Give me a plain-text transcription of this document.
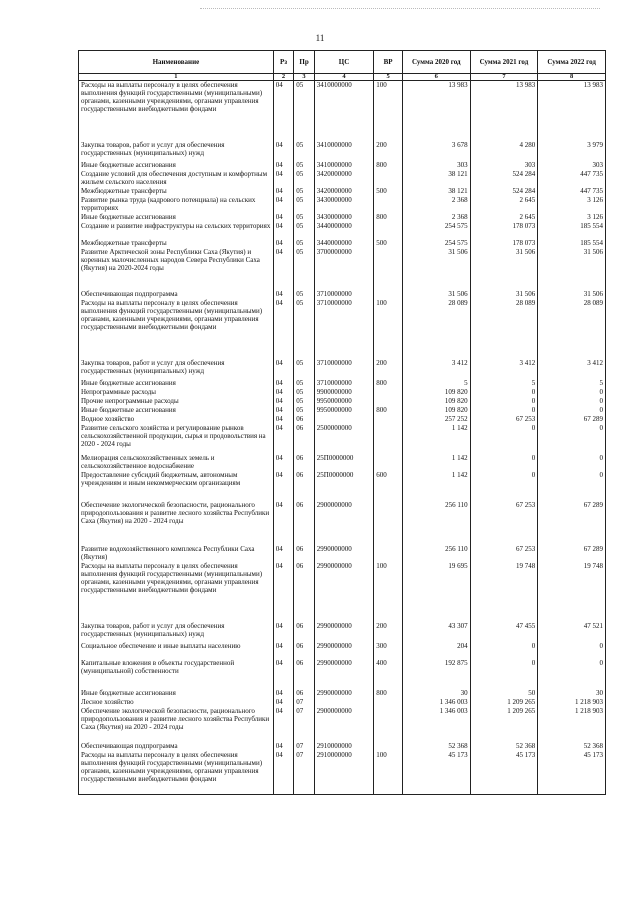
11
Наименование	Рз	Пр	ЦС	ВР	Сумма 2020 год	Сумма 2021 год	Сумма 2022 год
1	2	3	4	5	6	7	8
Расходы на выплаты персоналу в целях обеспечения выполнения функций государственными (муниципальными) органами, казенными учреждениями, органами управления государственными внебюджетными фондами	04	05	3410000000	100	13 983	13 983	13 983
Закупка товаров, работ и услуг для обеспечения государственных (муниципальных) нужд	04	05	3410000000	200	3 678	4 280	3 979
Иные бюджетные ассигнования	04	05	3410000000	800	303	303	303
Создание условий для обеспечения доступным и комфортным жильем сельского населения	04	05	3420000000		38 121	524 284	447 735
Межбюджетные трансферты	04	05	3420000000	500	38 121	524 284	447 735
Развитие рынка труда (кадрового потенциала) на сельских территориях	04	05	3430000000		2 368	2 645	3 126
Иные бюджетные ассигнования	04	05	3430000000	800	2 368	2 645	3 126
Создание и развитие инфраструктуры на сельских территориях	04	05	3440000000		254 575	178 073	185 554
Межбюджетные трансферты	04	05	3440000000	500	254 575	178 073	185 554
Развитие Арктической зоны Республики Саха (Якутия) и коренных малочисленных народов Севера Республики Саха (Якутия) на 2020-2024 годы	04	05	3700000000		31 506	31 506	31 506
Обеспечивающая подпрограмма	04	05	3710000000		31 506	31 506	31 506
Расходы на выплаты персоналу в целях обеспечения выполнения функций государственными (муниципальными) органами, казенными учреждениями, органами управления государственными внебюджетными фондами	04	05	3710000000	100	28 089	28 089	28 089
Закупка товаров, работ и услуг для обеспечения государственных (муниципальных) нужд	04	05	3710000000	200	3 412	3 412	3 412
Иные бюджетные ассигнования	04	05	3710000000	800	5	5	5
Непрограммные расходы	04	05	9900000000		109 820	0	0
Прочие непрограммные расходы	04	05	9950000000		109 820	0	0
Иные бюджетные ассигнования	04	05	9950000000	800	109 820	0	0
Водное хозяйство	04	06			257 252	67 253	67 289
Развитие сельского хозяйства и регулирование рынков сельскохозяйственной продукции, сырья и продовольствия на 2020 - 2024 годы	04	06	2500000000		1 142	0	0
Мелиорация сельскохозяйственных земель и сельскохозяйственное водоснабжение	04	06	25П0000000		1 142	0	0
Предоставление субсидий бюджетным, автономным учреждениям и иным некоммерческим организациям	04	06	25П0000000	600	1 142	0	0
Обеспечение экологической безопасности, рационального природопользования и развитие лесного хозяйства Республики Саха (Якутия) на 2020 - 2024 годы	04	06	2900000000		256 110	67 253	67 289
Развитие водохозяйственного комплекса Республики Саха (Якутия)	04	06	2990000000		256 110	67 253	67 289
Расходы на выплаты персоналу в целях обеспечения выполнения функций государственными (муниципальными) органами, казенными учреждениями, органами управления государственными внебюджетными фондами	04	06	2990000000	100	19 695	19 748	19 748
Закупка товаров, работ и услуг для обеспечения государственных (муниципальных) нужд	04	06	2990000000	200	43 307	47 455	47 521
Социальное обеспечение и иные выплаты населению	04	06	2990000000	300	204	0	0
Капитальные вложения в объекты государственной (муниципальной) собственности	04	06	2990000000	400	192 875	0	0
Иные бюджетные ассигнования	04	06	2990000000	800	30	50	30
Лесное хозяйство	04	07			1 346 003	1 209 265	1 218 903
Обеспечение экологической безопасности, рационального природопользования и развитие лесного хозяйства Республики Саха (Якутия) на 2020 - 2024 годы	04	07	2900000000		1 346 003	1 209 265	1 218 903
Обеспечивающая подпрограмма	04	07	2910000000		52 368	52 368	52 368
Расходы на выплаты персоналу в целях обеспечения выполнения функций государственными (муниципальными) органами, казенными учреждениями, органами управления государственными внебюджетными фондами	04	07	2910000000	100	45 173	45 173	45 173
